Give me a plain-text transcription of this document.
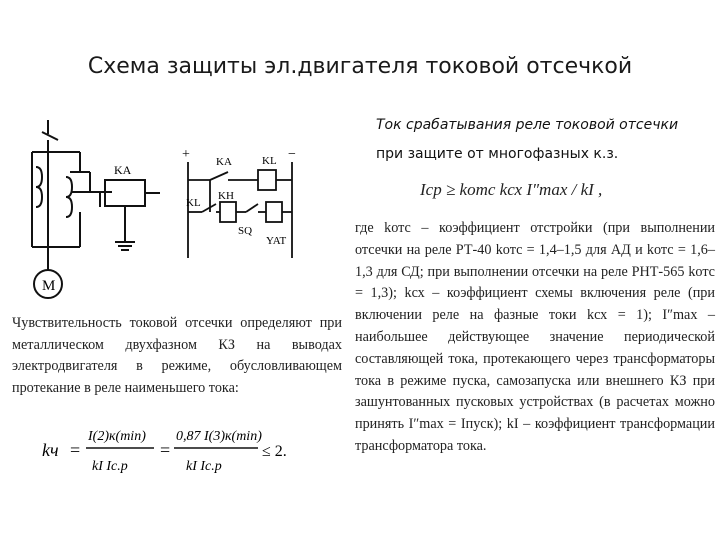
Схема защиты эл.двигателя токовой отсечкой
Ток срабатывания реле токовой отсечки
при защите от многофазных к.з.
KA
M
+	−
KA	KL
KH
KL
SQ
YAT
Iср ≥ kотс kсх I″max / kI ,
где kотс – коэффициент отстройки (при выполнении отсечки на реле РТ-40 kотс = 1,4–1,5 для АД и kотс = 1,6–1,3 для СД; при выполнении отсечки на реле РНТ-565 kотс = 1,3); kсх – коэффициент схемы включения реле (при включении реле на фазные токи kсх = 1); I″max – наибольшее действующее значение периодической составляющей тока, протекающего через трансформаторы тока в режиме пуска, самозапуска или внешнего КЗ при зашунтованных пусковых устройствах (в расчетах можно принять I″max = Iпуск); kI – коэффициент трансформации трансформатора тока.
Чувствительность токовой отсечки определяют при металлическом двухфазном КЗ на выводах электродвигателя в режиме, обусловливающем протекание в реле наименьшего тока:
kч =
I(2)к(min)
kI Iс.р
=
0,87 I(3)к(min)
kI Iс.р
≤ 2.
